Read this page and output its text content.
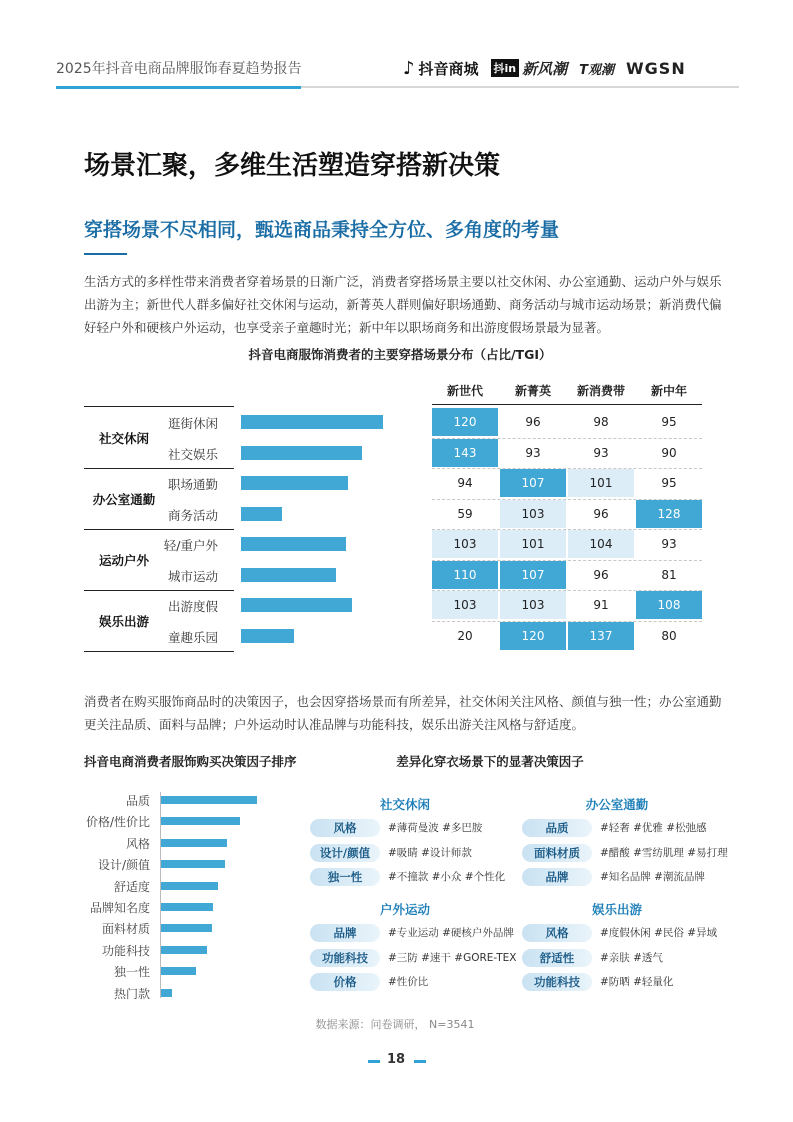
2025年抖音电商品牌服饰春夏趋势报告	♪ 抖音商城 抖in 新风潮 T观潮 WGSN
场景汇聚，多维生活塑造穿搭新决策
穿搭场景不尽相同，甄选商品秉持全方位、多角度的考量
生活方式的多样性带来消费者穿着场景的日渐广泛，消费者穿搭场景主要以社交休闲、办公室通勤、运动户外与娱乐出游为主；新世代人群多偏好社交休闲与运动，新菁英人群则偏好职场通勤、商务活动与城市运动场景；新消费代偏好轻户外和硬核户外运动，也享受亲子童趣时光；新中年以职场商务和出游度假场景最为显著。
抖音电商服饰消费者的主要穿搭场景分布（占比/TGI）
新世代	新菁英	新消费带	新中年
社交休闲
办公室通勤
运动户外
娱乐出游
逛街休闲	120	96	98	95
社交娱乐	143	93	93	90
职场通勤	94	107	101	95
商务活动	59	103	96	128
轻/重户外	103	101	104	93
城市运动	110	107	96	81
出游度假	103	103	91	108
童趣乐园	20	120	137	80
消费者在购买服饰商品时的决策因子，也会因穿搭场景而有所差异，社交休闲关注风格、颜值与独一性；办公室通勤更关注品质、面料与品牌；户外运动时认准品牌与功能科技，娱乐出游关注风格与舒适度。
抖音电商消费者服饰购买决策因子排序
品质
价格/性价比
风格
设计/颜值
舒适度
品牌知名度
面料材质
功能科技
独一性
热门款
差异化穿衣场景下的显著决策因子
社交休闲
风格	#薄荷曼波 #多巴胺
设计/颜值	#吸睛 #设计师款
独一性	#不撞款 #小众 #个性化
办公室通勤
品质	#轻奢 #优雅 #松弛感
面料材质	#醋酸 #雪纺肌理 #易打理
品牌	#知名品牌 #潮流品牌
户外运动
品牌	#专业运动 #硬核户外品牌
功能科技	#三防 #速干 #GORE-TEX
价格	#性价比
娱乐出游
风格	#度假休闲 #民俗 #异域
舒适性	#亲肤 #透气
功能科技	#防晒 #轻量化
数据来源：问卷调研， N=3541
18
